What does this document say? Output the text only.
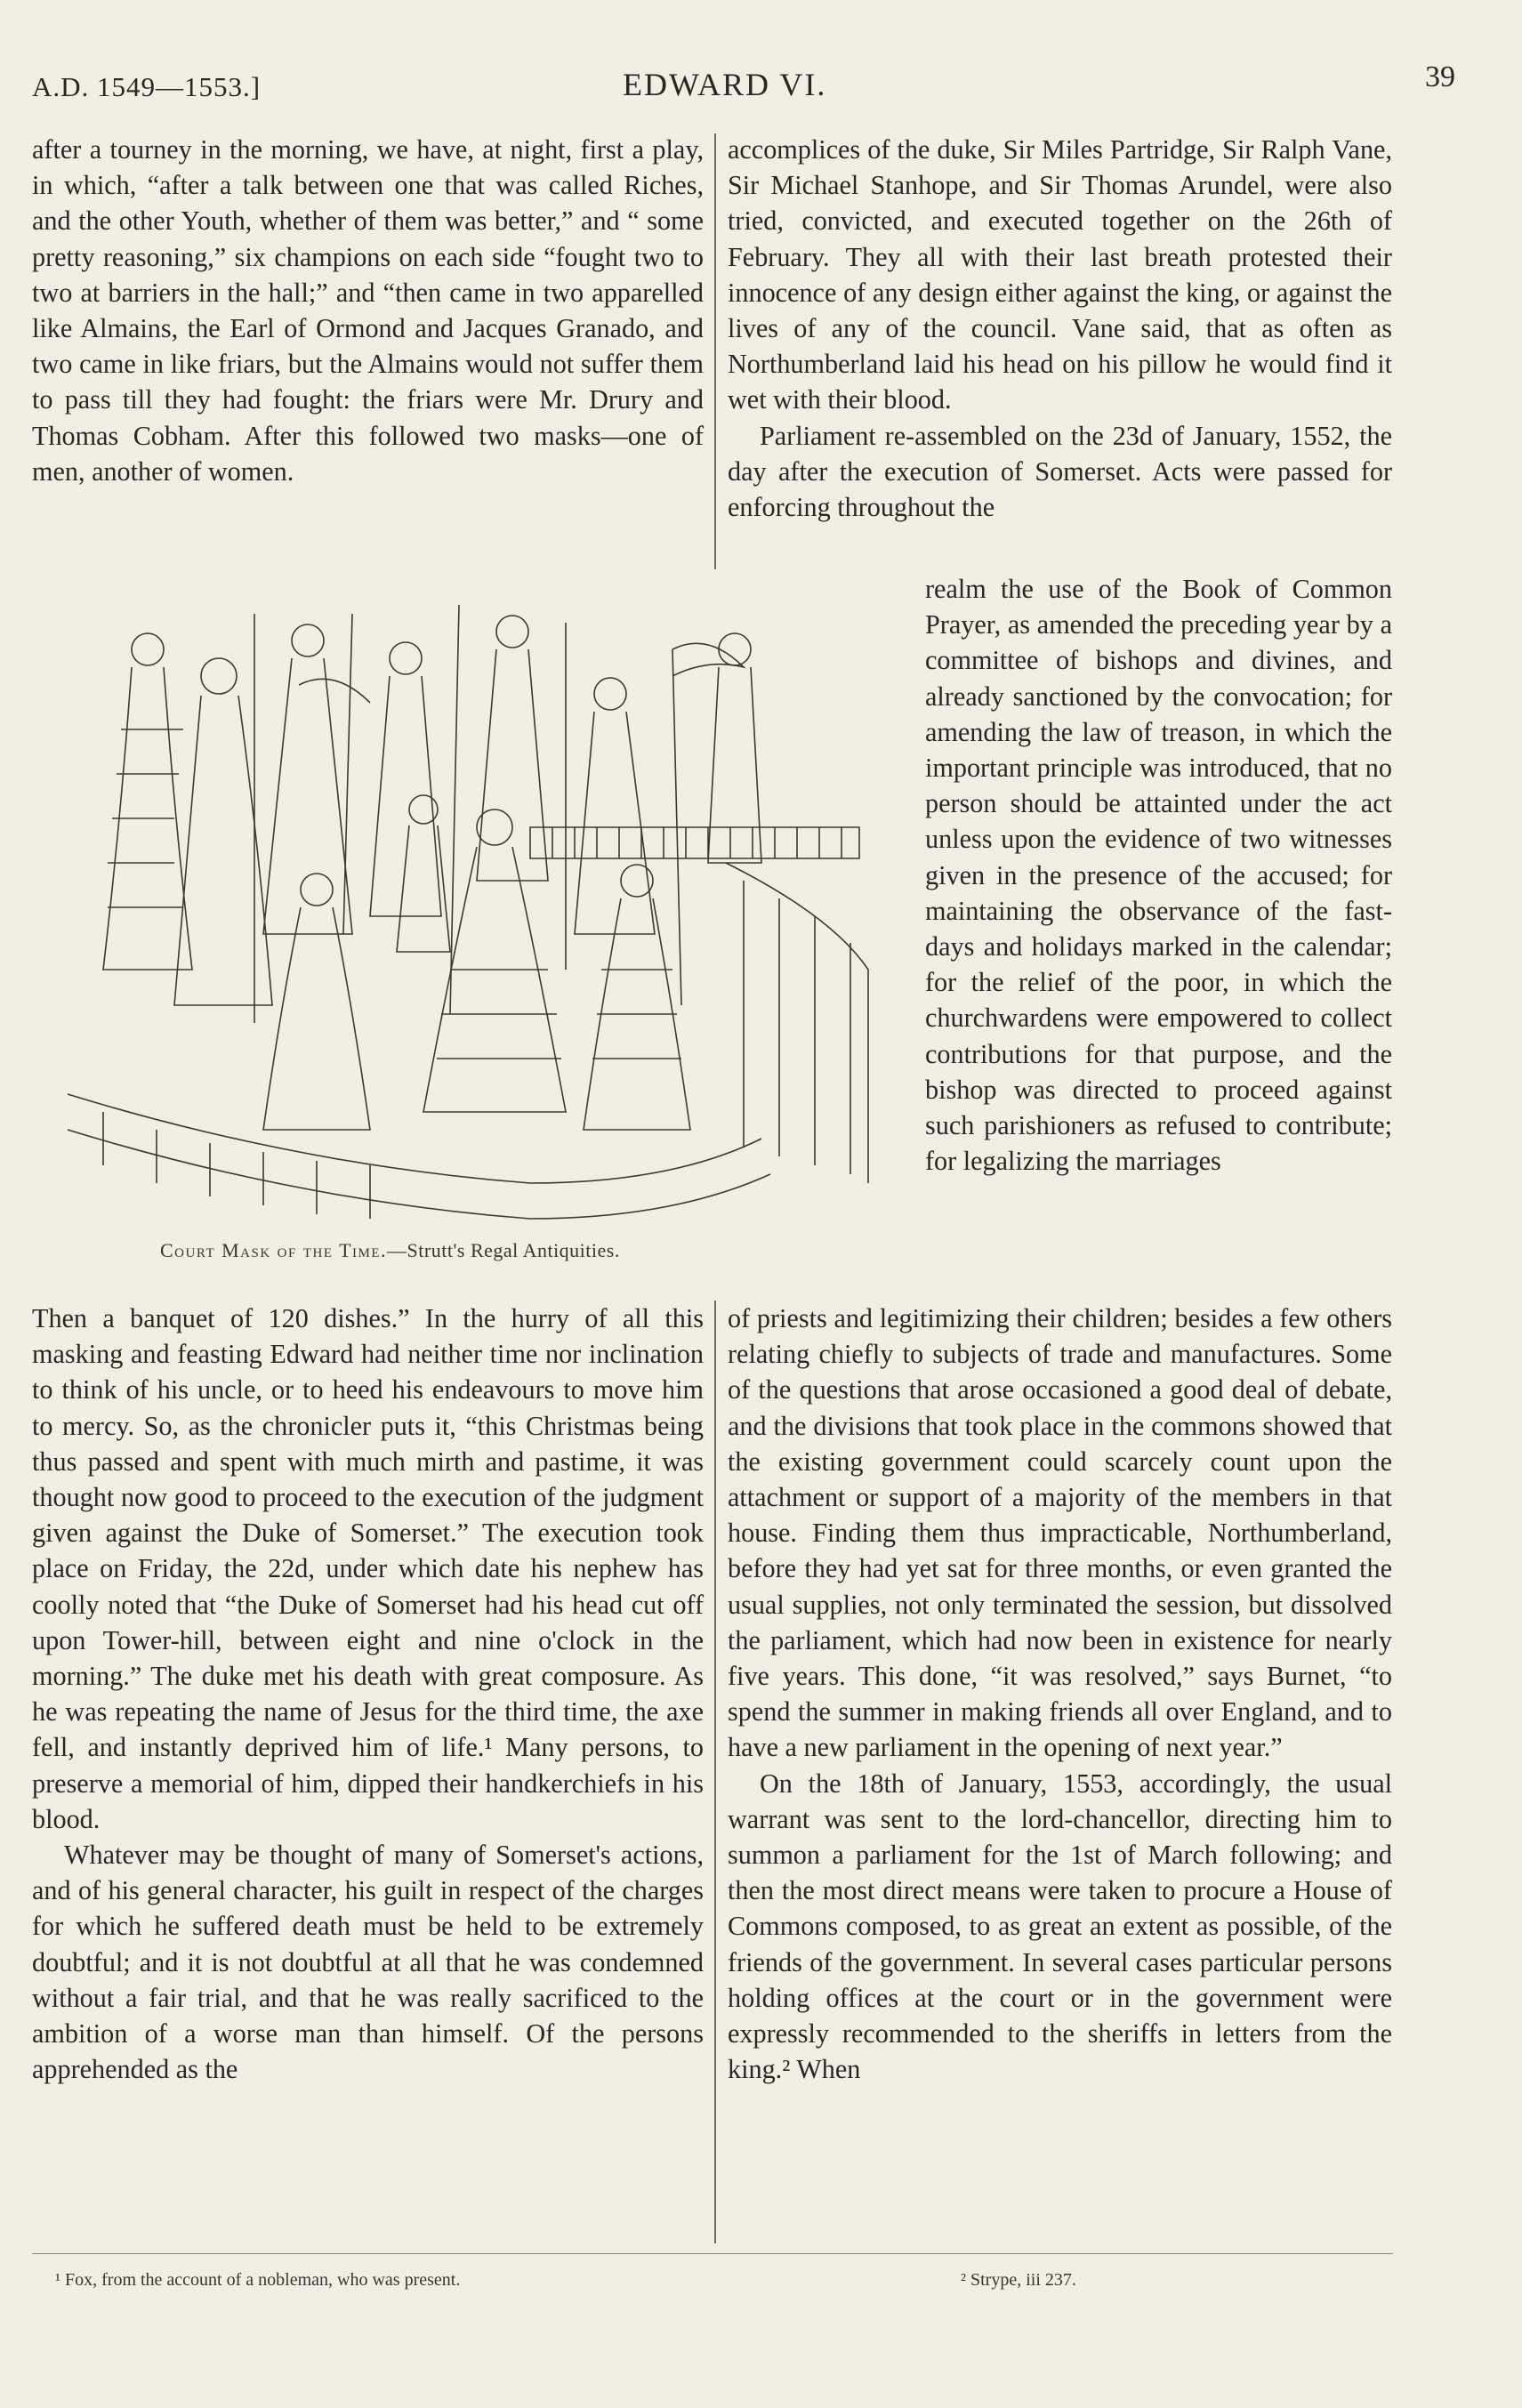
A.D. 1549—1553.]	EDWARD VI.	39

after a tourney in the morning, we have, at night, first a play, in which, “after a talk between one that was called Riches, and the other Youth, whether of them was better,” and “ some pretty reasoning,” six champions on each side “fought two to two at barriers in the hall;” and “then came in two apparelled like Almains, the Earl of Ormond and Jacques Granado, and two came in like friars, but the Almains would not suffer them to pass till they had fought: the friars were Mr. Drury and Thomas Cobham. After this followed two masks—one of men, another of women.

accomplices of the duke, Sir Miles Partridge, Sir Ralph Vane, Sir Michael Stanhope, and Sir Thomas Arundel, were also tried, convicted, and executed together on the 26th of February. They all with their last breath protested their innocence of any design either against the king, or against the lives of any of the council. Vane said, that as often as Northumberland laid his head on his pillow he would find it wet with their blood.

Parliament re-assembled on the 23d of January, 1552, the day after the execution of Somerset. Acts were passed for enforcing throughout the

realm the use of the Book of Common Prayer, as amended the preceding year by a committee of bishops and divines, and already sanctioned by the convocation; for amending the law of treason, in which the important principle was introduced, that no person should be attainted under the act unless upon the evidence of two witnesses given in the presence of the accused; for maintaining the observance of the fast-days and holidays marked in the calendar; for the relief of the poor, in which the churchwardens were empowered to collect contributions for that purpose, and the bishop was directed to proceed against such parishioners as refused to contribute; for legalizing the marriages

Court Mask of the Time.—Strutt's Regal Antiquities.

Then a banquet of 120 dishes.” In the hurry of all this masking and feasting Edward had neither time nor inclination to think of his uncle, or to heed his endeavours to move him to mercy. So, as the chronicler puts it, “this Christmas being thus passed and spent with much mirth and pastime, it was thought now good to proceed to the execution of the judgment given against the Duke of Somerset.” The execution took place on Friday, the 22d, under which date his nephew has coolly noted that “the Duke of Somerset had his head cut off upon Tower-hill, between eight and nine o'clock in the morning.” The duke met his death with great composure. As he was repeating the name of Jesus for the third time, the axe fell, and instantly deprived him of life.¹ Many persons, to preserve a memorial of him, dipped their handkerchiefs in his blood.

Whatever may be thought of many of Somerset's actions, and of his general character, his guilt in respect of the charges for which he suffered death must be held to be extremely doubtful; and it is not doubtful at all that he was condemned without a fair trial, and that he was really sacrificed to the ambition of a worse man than himself. Of the persons apprehended as the

of priests and legitimizing their children; besides a few others relating chiefly to subjects of trade and manufactures. Some of the questions that arose occasioned a good deal of debate, and the divisions that took place in the commons showed that the existing government could scarcely count upon the attachment or support of a majority of the members in that house. Finding them thus impracticable, Northumberland, before they had yet sat for three months, or even granted the usual supplies, not only terminated the session, but dissolved the parliament, which had now been in existence for nearly five years. This done, “it was resolved,” says Burnet, “to spend the summer in making friends all over England, and to have a new parliament in the opening of next year.”

On the 18th of January, 1553, accordingly, the usual warrant was sent to the lord-chancellor, directing him to summon a parliament for the 1st of March following; and then the most direct means were taken to procure a House of Commons composed, to as great an extent as possible, of the friends of the government. In several cases particular persons holding offices at the court or in the government were expressly recommended to the sheriffs in letters from the king.² When

¹ Fox, from the account of a nobleman, who was present.	² Strype, iii 237.
